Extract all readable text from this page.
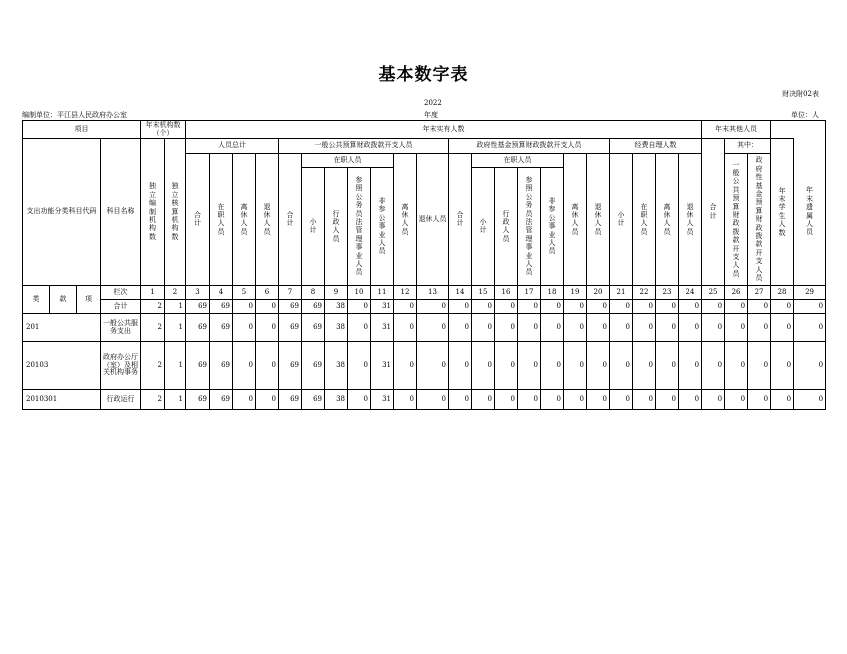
基本数字表
财决附02表
编制单位：平江县人民政府办公室
2022
年度	单位：人
项目				年末机构数（个）		年末实有人数																						年末其他人员				
支出功能分类科目代码			科目名称	独立编制机构数	独立核算机构数	人员总计				一般公共预算财政拨款开支人员							政府性基金预算财政拨款开支人员							经费自理人数				合计	其中：		年末学生人数	年末遗属人员
						合计	在职人员	离休人员	退休人员	合计	在职人员				离休人员	退休人员	合计	在职人员				离休人员	退休人员	小计	在职人员	离休人员	退休人员		一般公共预算财政拨款开支人员	政府性基金预算财政拨款开支人员		
											小计	行政人员	参照公务员法管理事业人员	非参公事业人员				小计	行政人员	参照公务员法管理事业人员	非参公事业人员											
类	款	项	栏次	1	2	3	4	5	6	7	8	9	10	11	12	13	14	15	16	17	18	19	20	21	22	23	24	25	26	27	28	29
			合计	2	1	69	69	0	0	69	69	38	0	31	0	0	0	0	0	0	0	0	0	0	0	0	0	0	0	0	0	0
201			一般公共服务支出	2	1	69	69	0	0	69	69	38	0	31	0	0	0	0	0	0	0	0	0	0	0	0	0	0	0	0	0	0
20103			政府办公厅（室）及相关机构事务	2	1	69	69	0	0	69	69	38	0	31	0	0	0	0	0	0	0	0	0	0	0	0	0	0	0	0	0	0
2010301			行政运行	2	1	69	69	0	0	69	69	38	0	31	0	0	0	0	0	0	0	0	0	0	0	0	0	0	0	0	0	0
